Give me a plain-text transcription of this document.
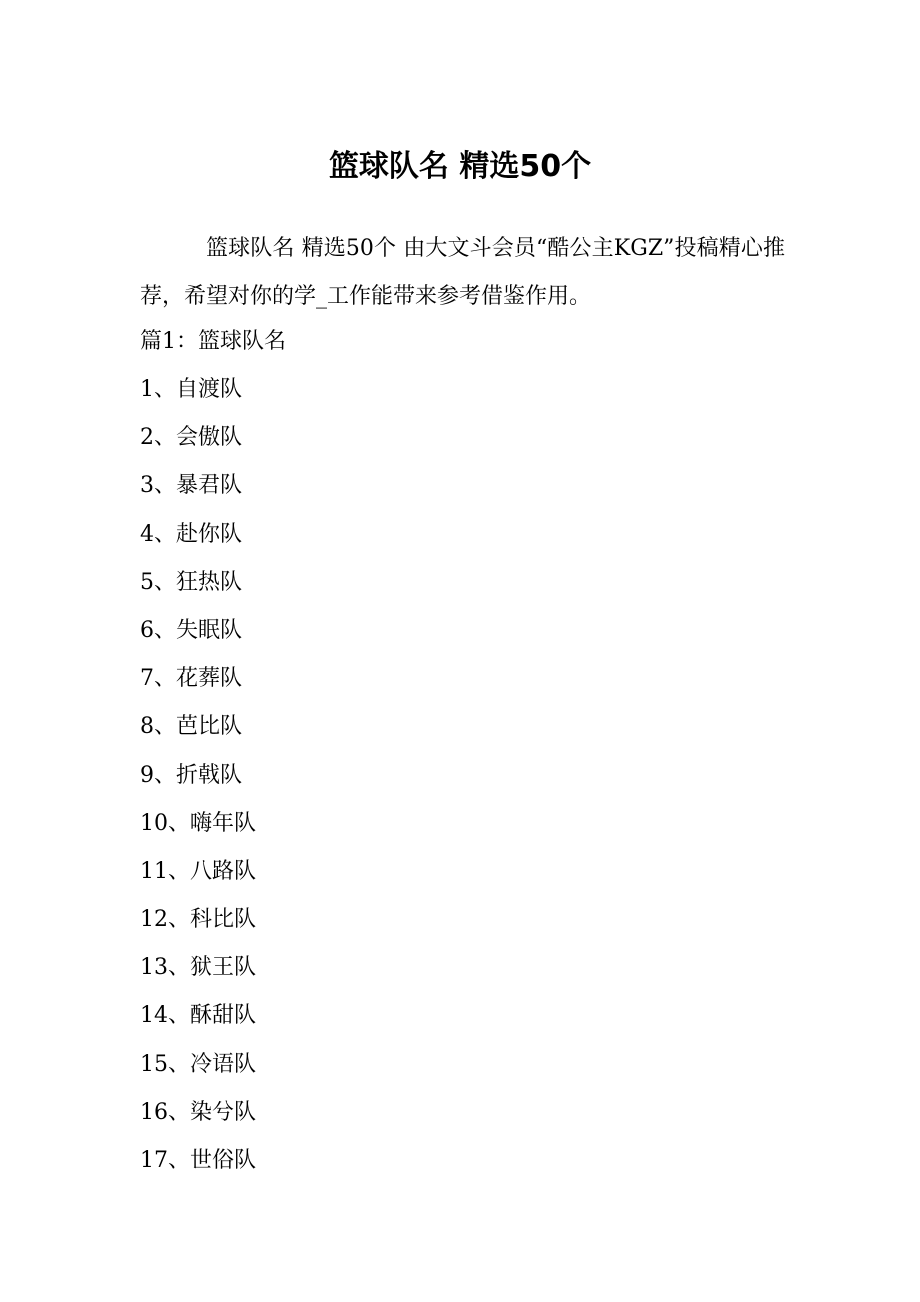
篮球队名 精选50个

篮球队名 精选50个 由大文斗会员“酷公主KGZ”投稿精心推荐，希望对你的学_工作能带来参考借鉴作用。

篇1：篮球队名

1、自渡队
2、会傲队
3、暴君队
4、赴你队
5、狂热队
6、失眠队
7、花葬队
8、芭比队
9、折戟队
10、嗨年队
11、八路队
12、科比队
13、狱王队
14、酥甜队
15、冷语队
16、染兮队
17、世俗队
